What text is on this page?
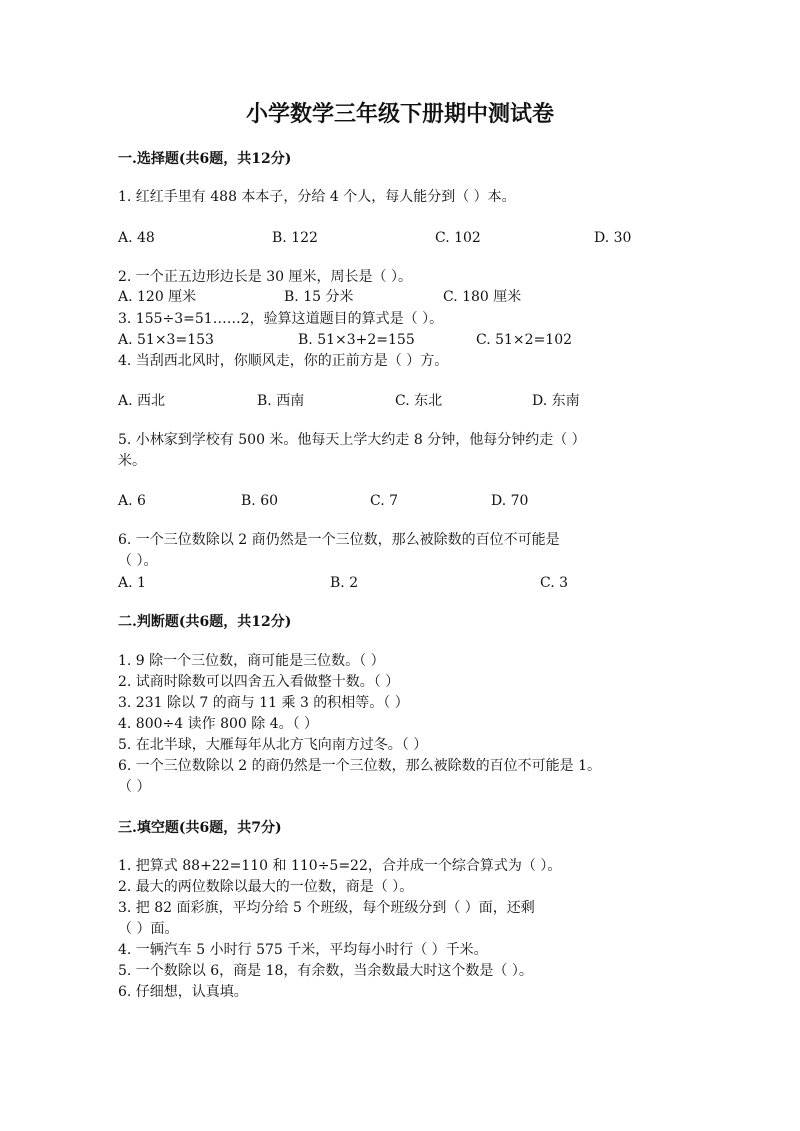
小学数学三年级下册期中测试卷
一.选择题(共6题，共12分)
1. 红红手里有 488 本本子，分给 4 个人，每人能分到（ ）本。
A. 48	B. 122	C. 102	D. 30
2. 一个正五边形边长是 30 厘米，周长是（ ）。
A. 120 厘米	B. 15 分米	C. 180 厘米
3. 155÷3=51……2，验算这道题目的算式是（ ）。
A. 51×3=153	B. 51×3+2=155	C. 51×2=102
4. 当刮西北风时，你顺风走，你的正前方是（ ）方。
A. 西北	B. 西南	C. 东北	D. 东南
5. 小林家到学校有 500 米。他每天上学大约走 8 分钟，他每分钟约走（ ）
米。
A. 6	B. 60	C. 7	D. 70
6. 一个三位数除以 2 商仍然是一个三位数，那么被除数的百位不可能是
（ ）。
A. 1	B. 2	C. 3
二.判断题(共6题，共12分)
1. 9 除一个三位数，商可能是三位数。（ ）
2. 试商时除数可以四舍五入看做整十数。（ ）
3. 231 除以 7 的商与 11 乘 3 的积相等。（ ）
4. 800÷4 读作 800 除 4。（ ）
5. 在北半球，大雁每年从北方飞向南方过冬。（ ）
6. 一个三位数除以 2 的商仍然是一个三位数，那么被除数的百位不可能是 1。
（ ）
三.填空题(共6题，共7分)
1. 把算式 88+22=110 和 110÷5=22，合并成一个综合算式为（ ）。
2. 最大的两位数除以最大的一位数，商是（ ）。
3. 把 82 面彩旗，平均分给 5 个班级，每个班级分到（ ）面，还剩
（ ）面。
4. 一辆汽车 5 小时行 575 千米，平均每小时行（ ）千米。
5. 一个数除以 6，商是 18，有余数，当余数最大时这个数是（ ）。
6. 仔细想，认真填。
